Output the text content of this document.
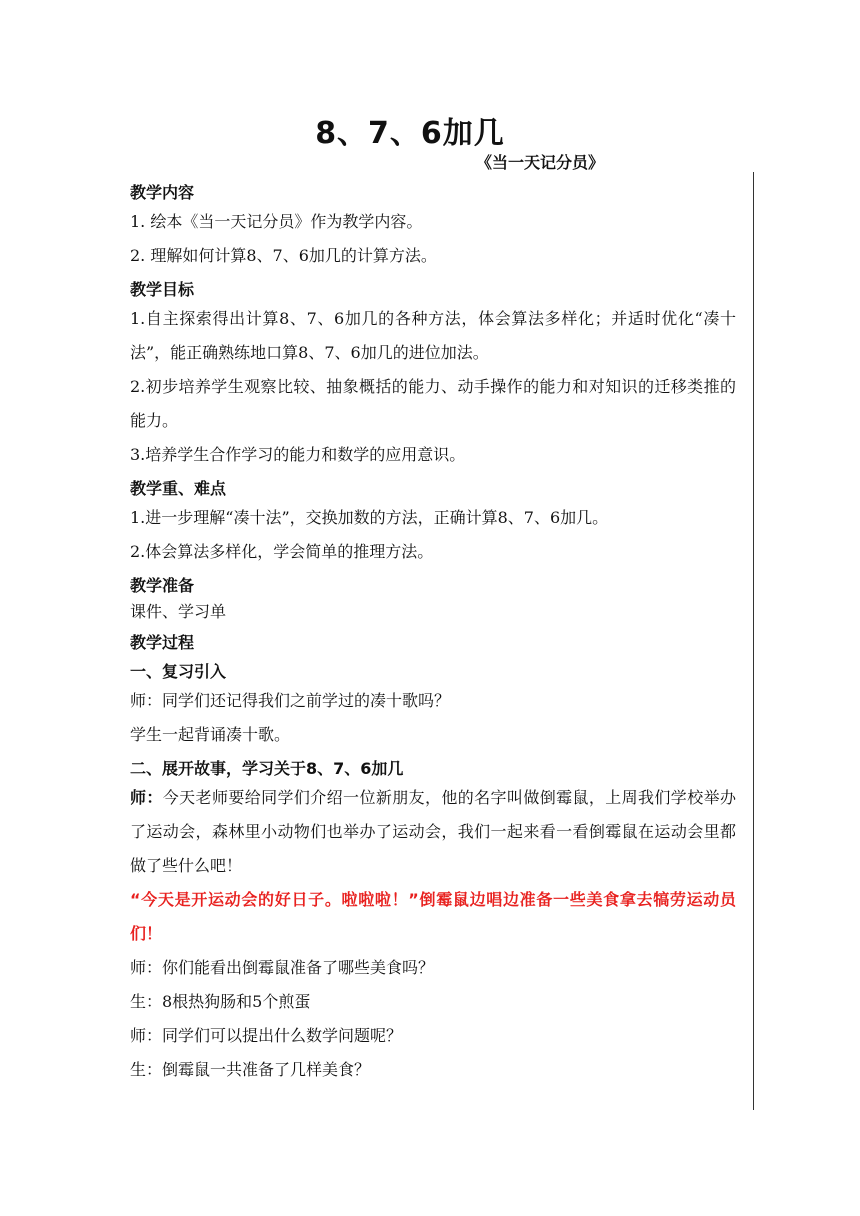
8、7、6加几
《当一天记分员》
教学内容

1. 绘本《当一天记分员》作为教学内容。

2. 理解如何计算8、7、6加几的计算方法。

教学目标

1.自主探索得出计算8、7、6加几的各种方法，体会算法多样化；并适时优化“凑十法”，能正确熟练地口算8、7、6加几的进位加法。

2.初步培养学生观察比较、抽象概括的能力、动手操作的能力和对知识的迁移类推的能力。

3.培养学生合作学习的能力和数学的应用意识。

教学重、难点

1.进一步理解“凑十法”，交换加数的方法，正确计算8、7、6加几。

2.体会算法多样化，学会简单的推理方法。

教学准备

课件、学习单

教学过程
一、复习引入

师：同学们还记得我们之前学过的凑十歌吗？

学生一起背诵凑十歌。

二、展开故事，学习关于8、7、6加几

师：今天老师要给同学们介绍一位新朋友，他的名字叫做倒霉鼠，上周我们学校举办了运动会，森林里小动物们也举办了运动会，我们一起来看一看倒霉鼠在运动会里都做了些什么吧！

“今天是开运动会的好日子。啦啦啦！”倒霉鼠边唱边准备一些美食拿去犒劳运动员们！

师：你们能看出倒霉鼠准备了哪些美食吗？

生：8根热狗肠和5个煎蛋

师：同学们可以提出什么数学问题呢？

生：倒霉鼠一共准备了几样美食？
